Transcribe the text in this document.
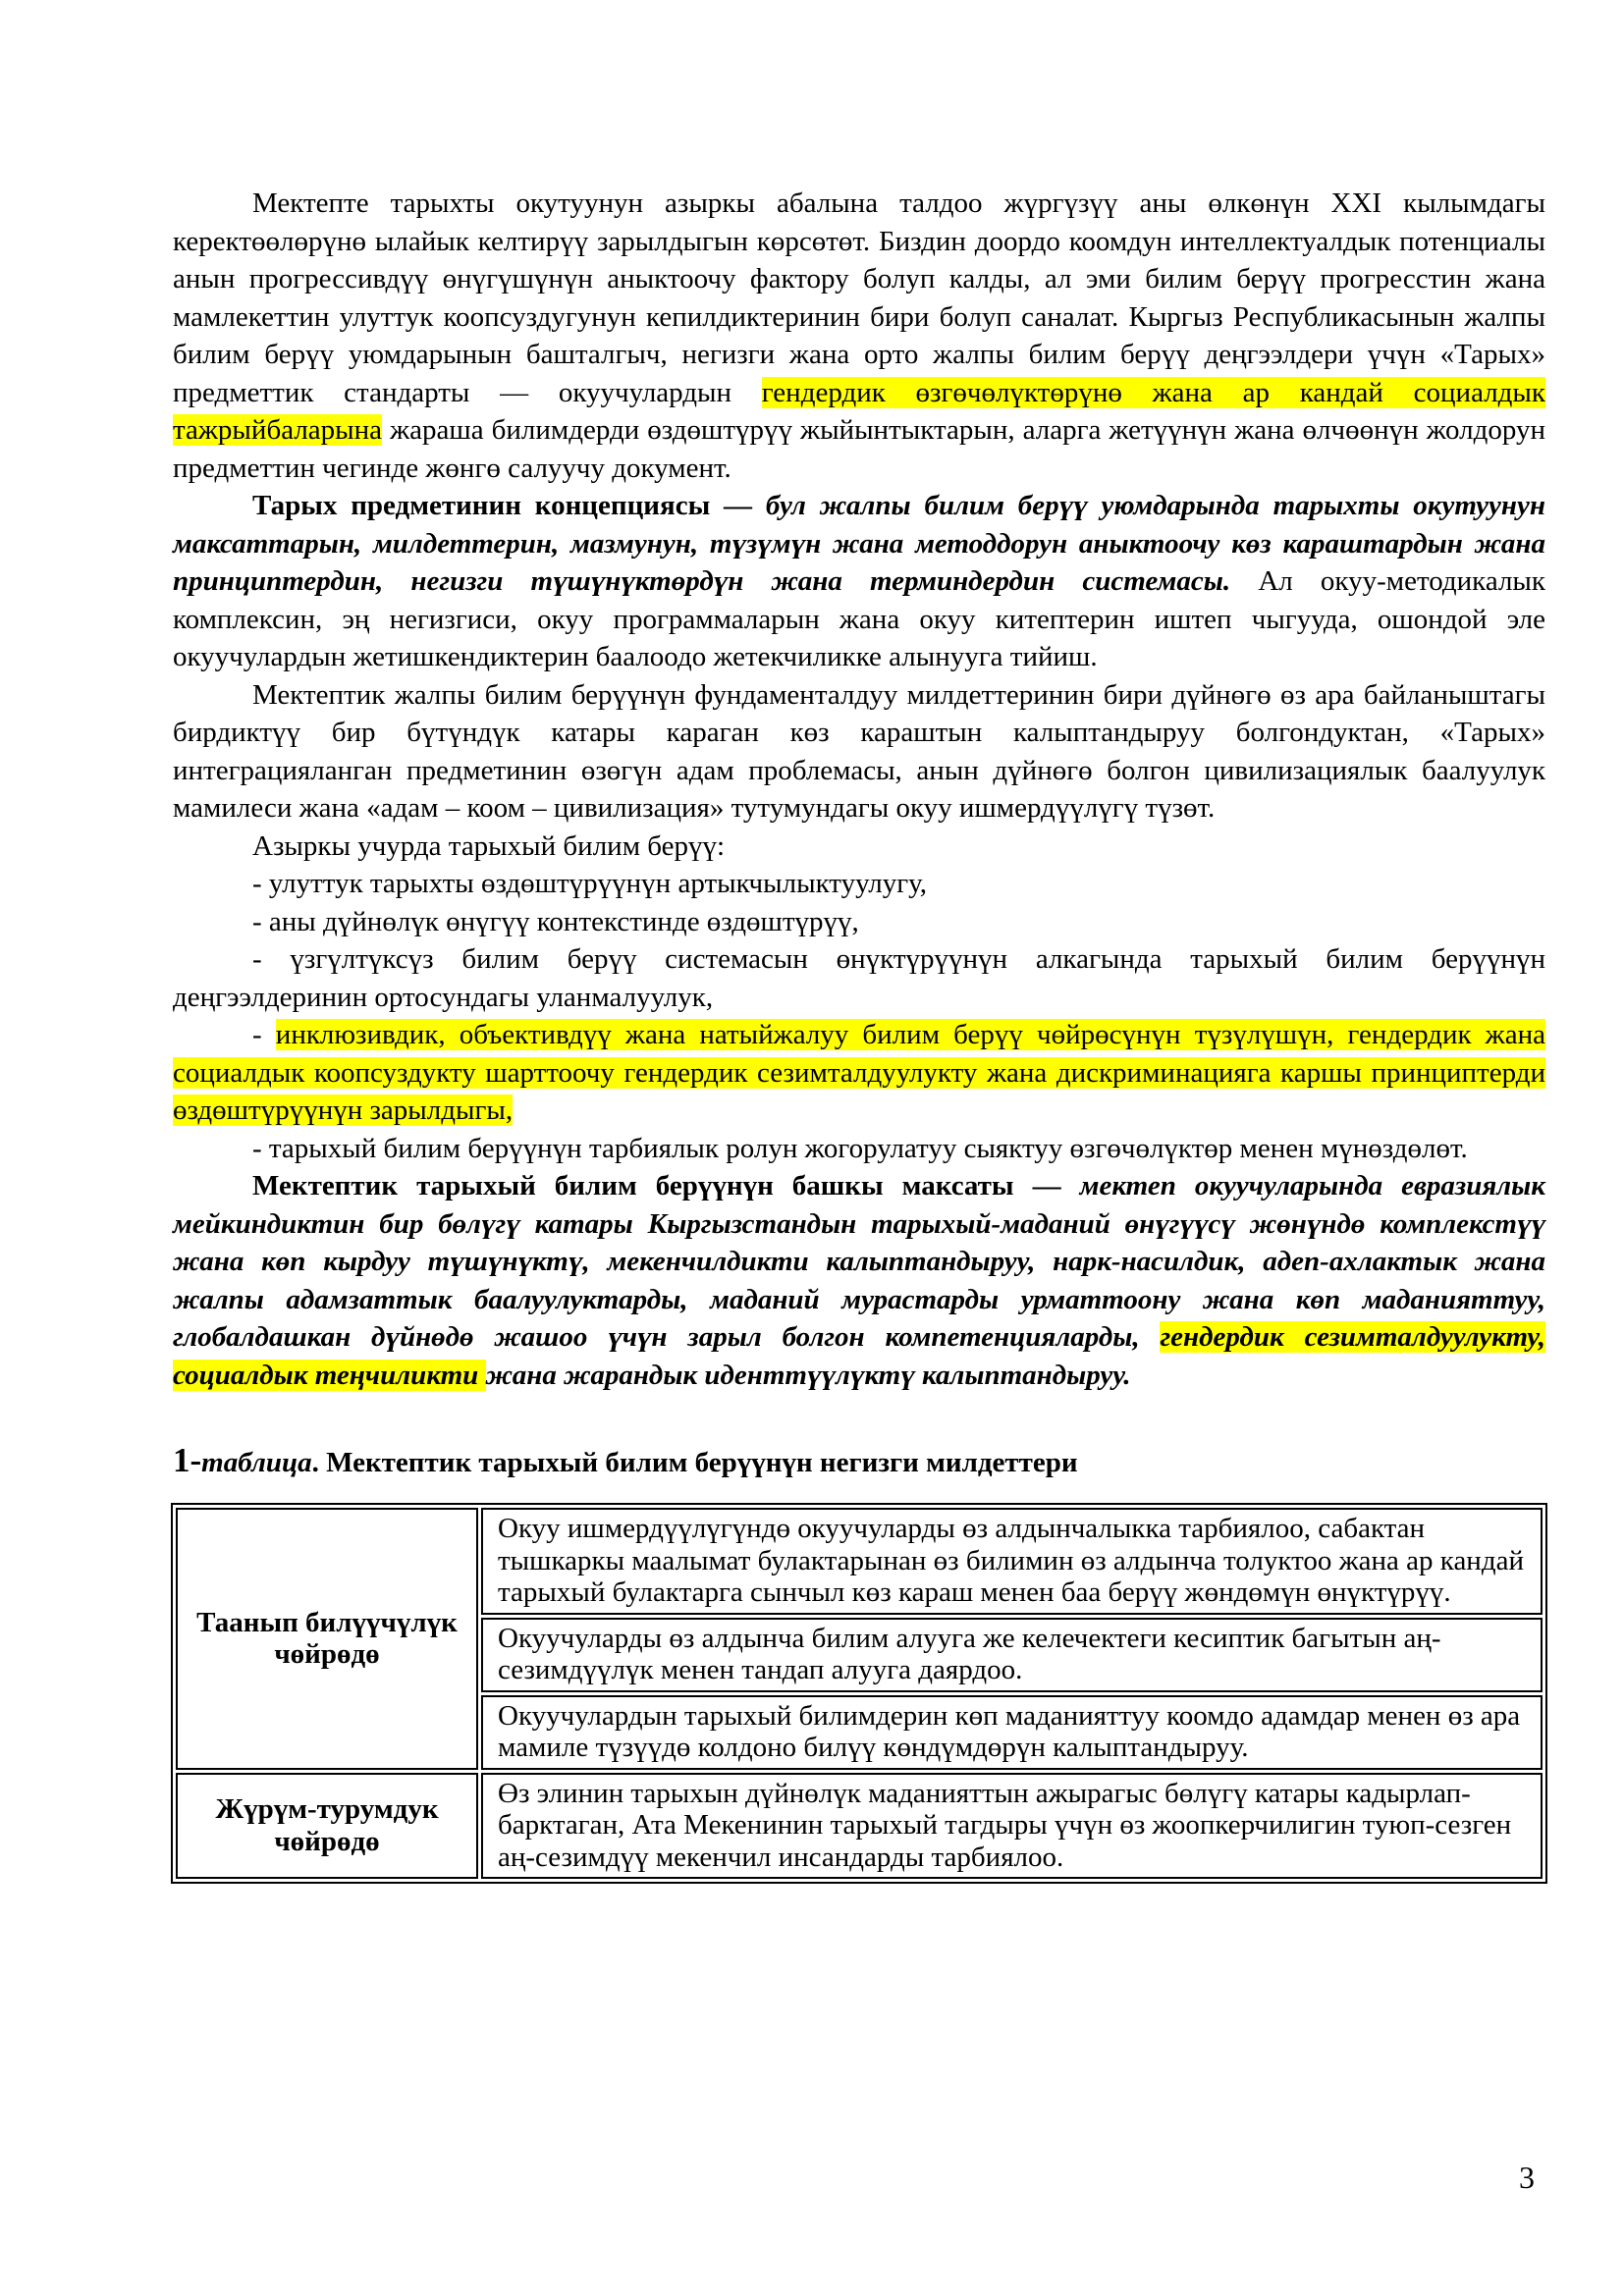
Мектепте тарыхты окутуунун азыркы абалына талдоо жүргүзүү аны өлкөнүн XXI кылымдагы керектөөлөрүнө ылайык келтирүү зарылдыгын көрсөтөт. Биздин доордо коомдун интеллектуалдык потенциалы анын прогрессивдүү өнүгүшүнүн аныктоочу фактору болуп калды, ал эми билим берүү прогресстин жана мамлекеттин улуттук коопсуздугунун кепилдиктеринин бири болуп саналат. Кыргыз Республикасынын жалпы билим берүү уюмдарынын башталгыч, негизги жана орто жалпы билим берүү деңгээлдери үчүн «Тарых» предметтик стандарты — окуучулардын гендердик өзгөчөлүктөрүнө жана ар кандай социалдык тажрыйбаларына жараша билимдерди өздөштүрүү жыйынтыктарын, аларга жетүүнүн жана өлчөөнүн жолдорун предметтин чегинде жөнгө салуучу документ.

Тарых предметинин концепциясы — бул жалпы билим берүү уюмдарында тарыхты окутуунун максаттарын, милдеттерин, мазмунун, түзүмүн жана методдорун аныктоочу көз караштардын жана принциптердин, негизги түшүнүктөрдүн жана терминдердин системасы. Ал окуу-методикалык комплексин, эң негизгиси, окуу программаларын жана окуу китептерин иштеп чыгууда, ошондой эле окуучулардын жетишкендиктерин баалоодо жетекчиликке алынууга тийиш.

Мектептик жалпы билим берүүнүн фундаменталдуу милдеттеринин бири дүйнөгө өз ара байланыштагы бирдиктүү бир бүтүндүк катары караган көз караштын калыптандыруу болгондуктан, «Тарых» интеграцияланган предметинин өзөгүн адам проблемасы, анын дүйнөгө болгон цивилизациялык баалуулук мамилеси жана «адам – коом – цивилизация» тутумундагы окуу ишмердүүлүгү түзөт.

Азыркы учурда тарыхый билим берүү:

- улуттук тарыхты өздөштүрүүнүн артыкчылыктуулугу,

- аны дүйнөлүк өнүгүү контекстинде өздөштүрүү,

- үзгүлтүксүз билим берүү системасын өнүктүрүүнүн алкагында тарыхый билим берүүнүн деңгээлдеринин ортосундагы уланмалуулук,

- инклюзивдик, объективдүү жана натыйжалуу билим берүү чөйрөсүнүн түзүлүшүн, гендердик жана социалдык коопсуздукту шарттоочу гендердик сезимталдуулукту жана дискриминацияга каршы принциптерди өздөштүрүүнүн зарылдыгы,

- тарыхый билим берүүнүн тарбиялык ролун жогорулатуу сыяктуу өзгөчөлүктөр менен мүнөздөлөт.

Мектептик тарыхый билим берүүнүн башкы максаты — мектеп окуучуларында евразиялык мейкиндиктин бир бөлүгү катары Кыргызстандын тарыхый-маданий өнүгүүсү жөнүндө комплекстүү жана көп кырдуу түшүнүктү, мекенчилдикти калыптандыруу, нарк-насилдик, адеп-ахлактык жана жалпы адамзаттык баалуулуктарды, маданий мурастарды урматтоону жана көп маданияттуу, глобалдашкан дүйнөдө жашоо үчүн зарыл болгон компетенцияларды, гендердик сезимталдуулукту, социалдык теңчиликти жана жарандык иденттүүлүктү калыптандыруу.

1-таблица. Мектептик тарыхый билим берүүнүн негизги милдеттери
Таанып билүүчүлүк чөйрөдө	Окуу ишмердүүлүгүндө окуучуларды өз алдынчалыкка тарбиялоо, сабактан тышкаркы маалымат булактарынан өз билимин өз алдынча толуктоо жана ар кандай тарыхый булактарга сынчыл көз караш менен баа берүү жөндөмүн өнүктүрүү.
	Окуучуларды өз алдынча билим алууга же келечектеги кесиптик багытын аң-сезимдүүлүк менен тандап алууга даярдоо.
	Окуучулардын тарыхый билимдерин көп маданияттуу коомдо адамдар менен өз ара мамиле түзүүдө колдоно билүү көндүмдөрүн калыптандыруу.
Жүрүм-турумдук чөйрөдө	Өз элинин тарыхын дүйнөлүк маданияттын ажырагыс бөлүгү катары кадырлап-барктаган, Ата Мекенинин тарыхый тагдыры үчүн өз жоопкерчилигин туюп-сезген аң-сезимдүү мекенчил инсандарды тарбиялоо.
3
